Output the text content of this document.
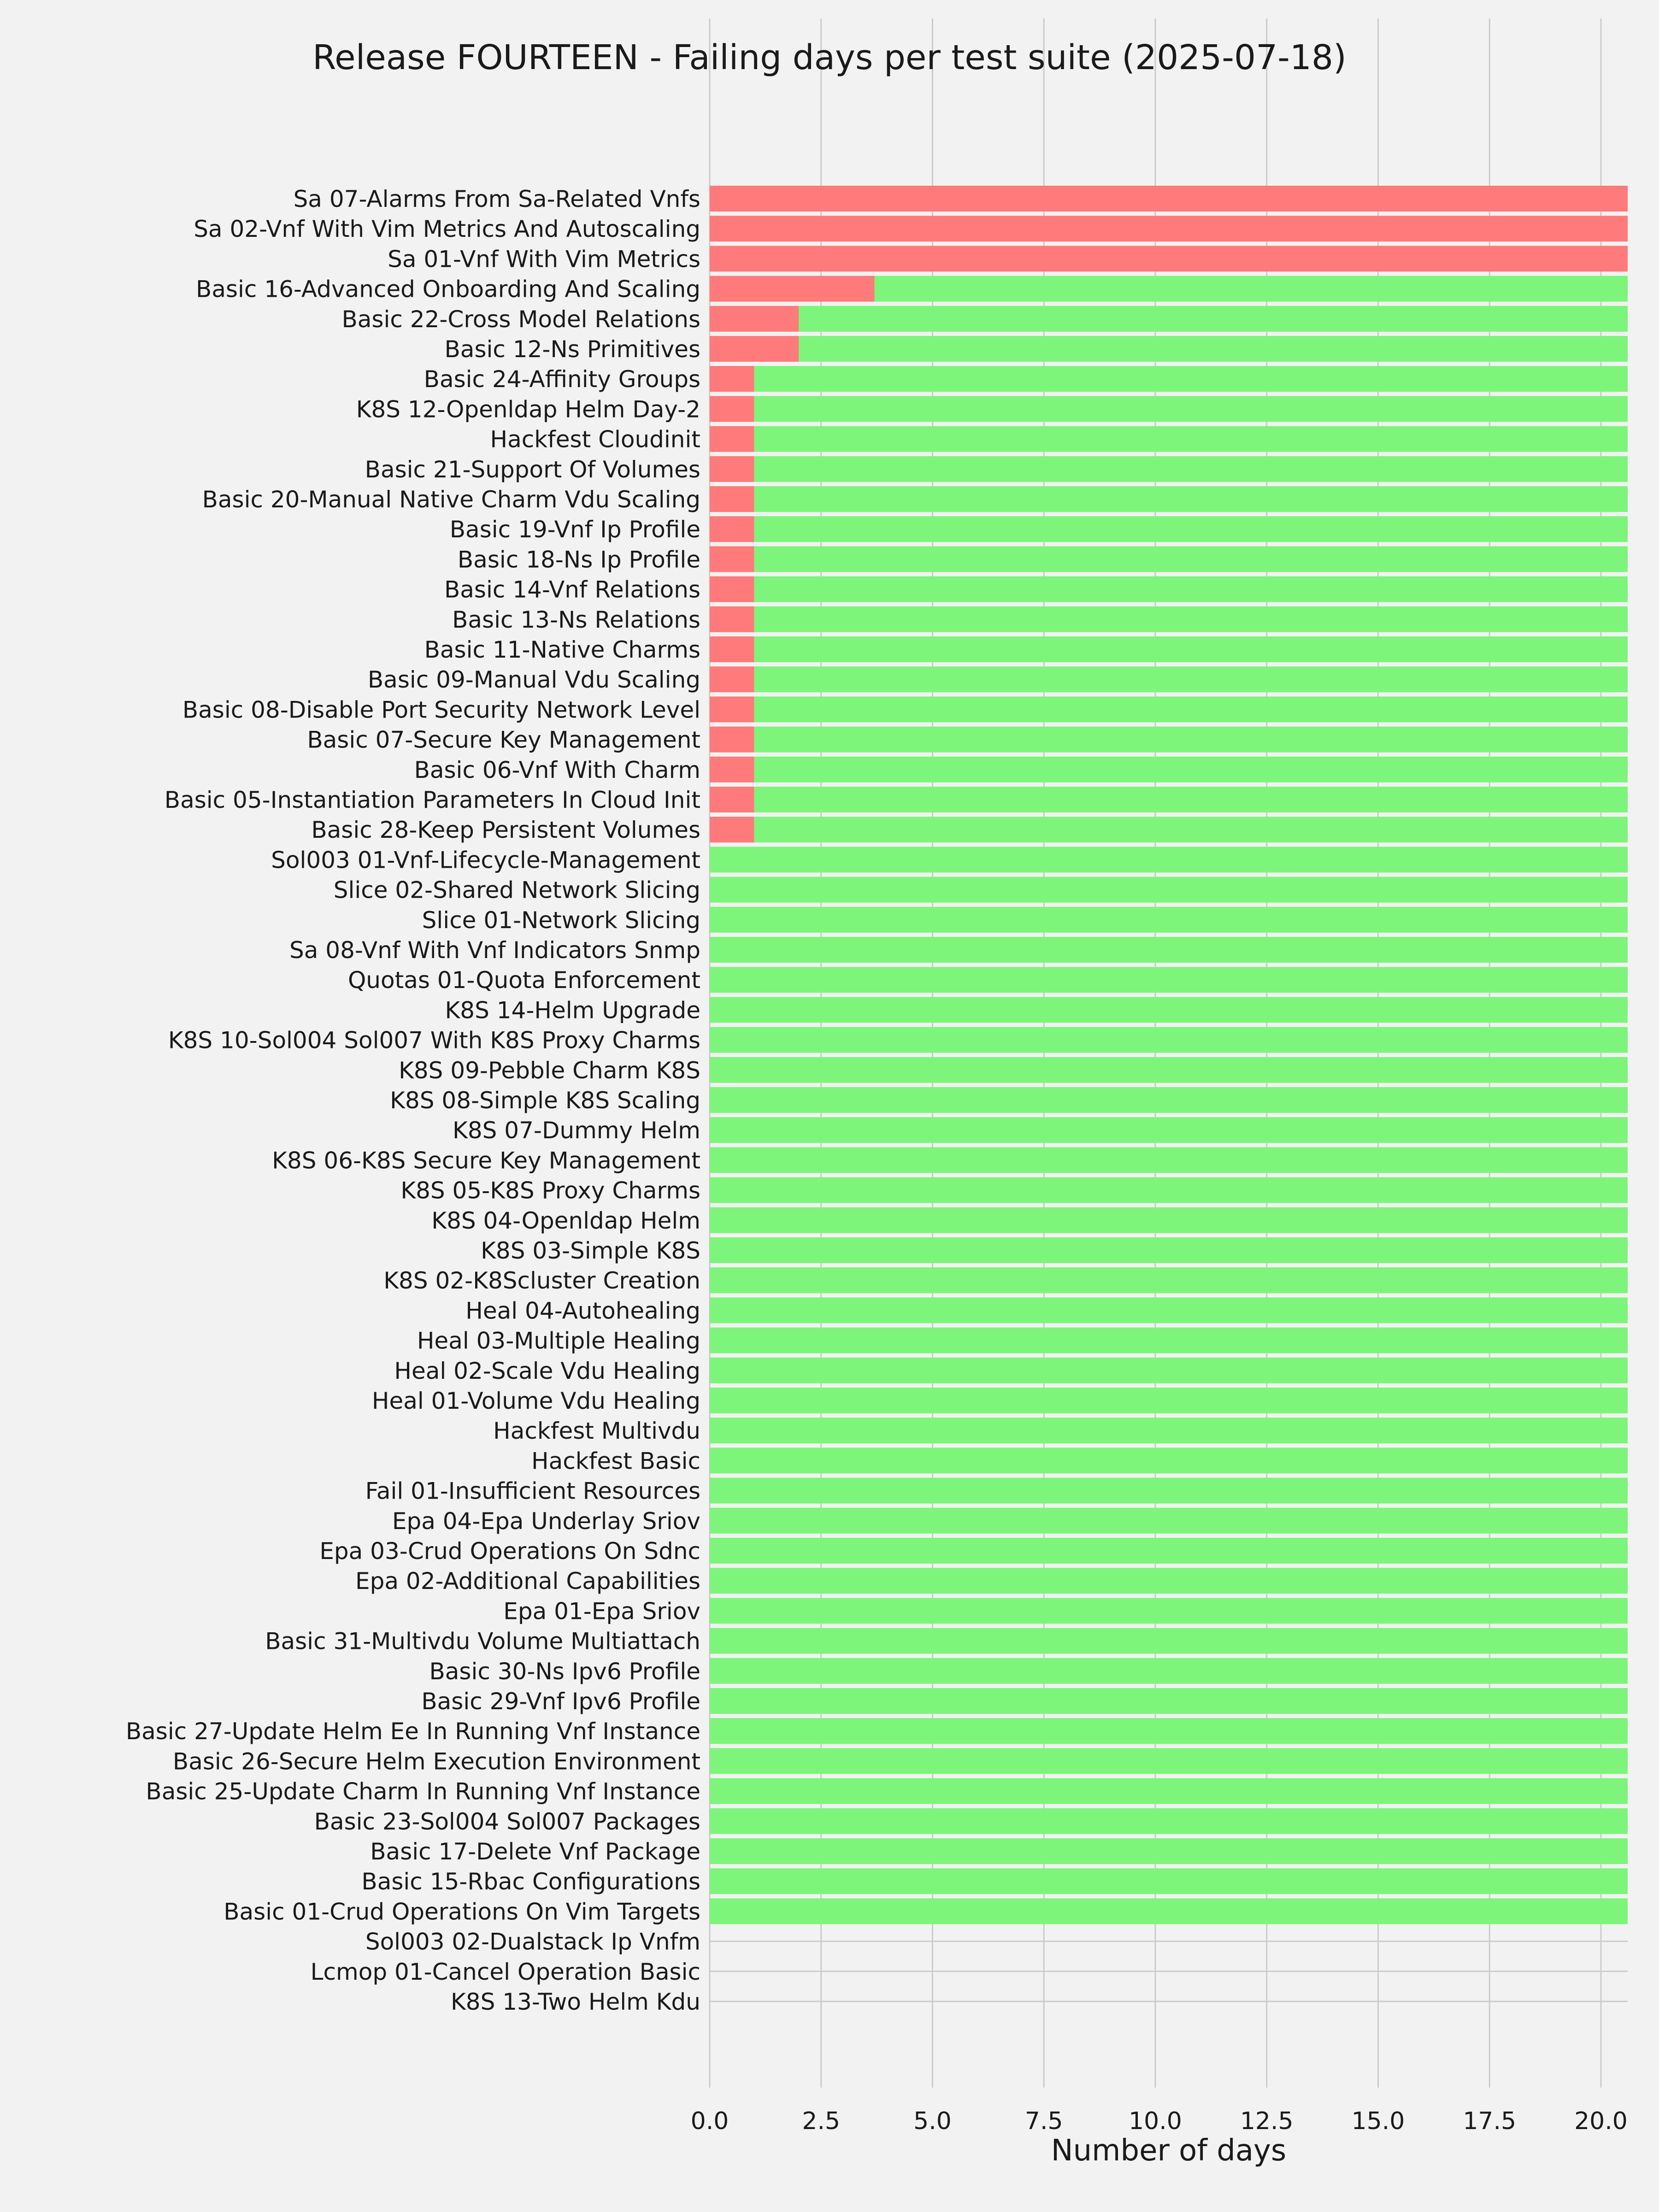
Sa 07-Alarms From Sa-Related Vnfs
Sa 02-Vnf With Vim Metrics And Autoscaling
Sa 01-Vnf With Vim Metrics
Basic 16-Advanced Onboarding And Scaling
Basic 22-Cross Model Relations
Basic 12-Ns Primitives
Basic 24-Affinity Groups
K8S 12-Openldap Helm Day-2
Hackfest Cloudinit
Basic 21-Support Of Volumes
Basic 20-Manual Native Charm Vdu Scaling
Basic 19-Vnf Ip Profile
Basic 18-Ns Ip Profile
Basic 14-Vnf Relations
Basic 13-Ns Relations
Basic 11-Native Charms
Basic 09-Manual Vdu Scaling
Basic 08-Disable Port Security Network Level
Basic 07-Secure Key Management
Basic 06-Vnf With Charm
Basic 05-Instantiation Parameters In Cloud Init
Basic 28-Keep Persistent Volumes
Sol003 01-Vnf-Lifecycle-Management
Slice 02-Shared Network Slicing
Slice 01-Network Slicing
Sa 08-Vnf With Vnf Indicators Snmp
Quotas 01-Quota Enforcement
K8S 14-Helm Upgrade
K8S 10-Sol004 Sol007 With K8S Proxy Charms
K8S 09-Pebble Charm K8S
K8S 08-Simple K8S Scaling
K8S 07-Dummy Helm
K8S 06-K8S Secure Key Management
K8S 05-K8S Proxy Charms
K8S 04-Openldap Helm
K8S 03-Simple K8S
K8S 02-K8Scluster Creation
Heal 04-Autohealing
Heal 03-Multiple Healing
Heal 02-Scale Vdu Healing
Heal 01-Volume Vdu Healing
Hackfest Multivdu
Hackfest Basic
Fail 01-Insufficient Resources
Epa 04-Epa Underlay Sriov
Epa 03-Crud Operations On Sdnc
Epa 02-Additional Capabilities
Epa 01-Epa Sriov
Basic 31-Multivdu Volume Multiattach
Basic 30-Ns Ipv6 Profile
Basic 29-Vnf Ipv6 Profile
Basic 27-Update Helm Ee In Running Vnf Instance
Basic 26-Secure Helm Execution Environment
Basic 25-Update Charm In Running Vnf Instance
Basic 23-Sol004 Sol007 Packages
Basic 17-Delete Vnf Package
Basic 15-Rbac Configurations
Basic 01-Crud Operations On Vim Targets
Sol003 02-Dualstack Ip Vnfm
Lcmop 01-Cancel Operation Basic
K8S 13-Two Helm Kdu
0.0	2.5	5.0	7.5	10.0 12.5 15.0 17.5 20.0
Release FOURTEEN - Failing days per test suite (2025-07-18)
Number of days
